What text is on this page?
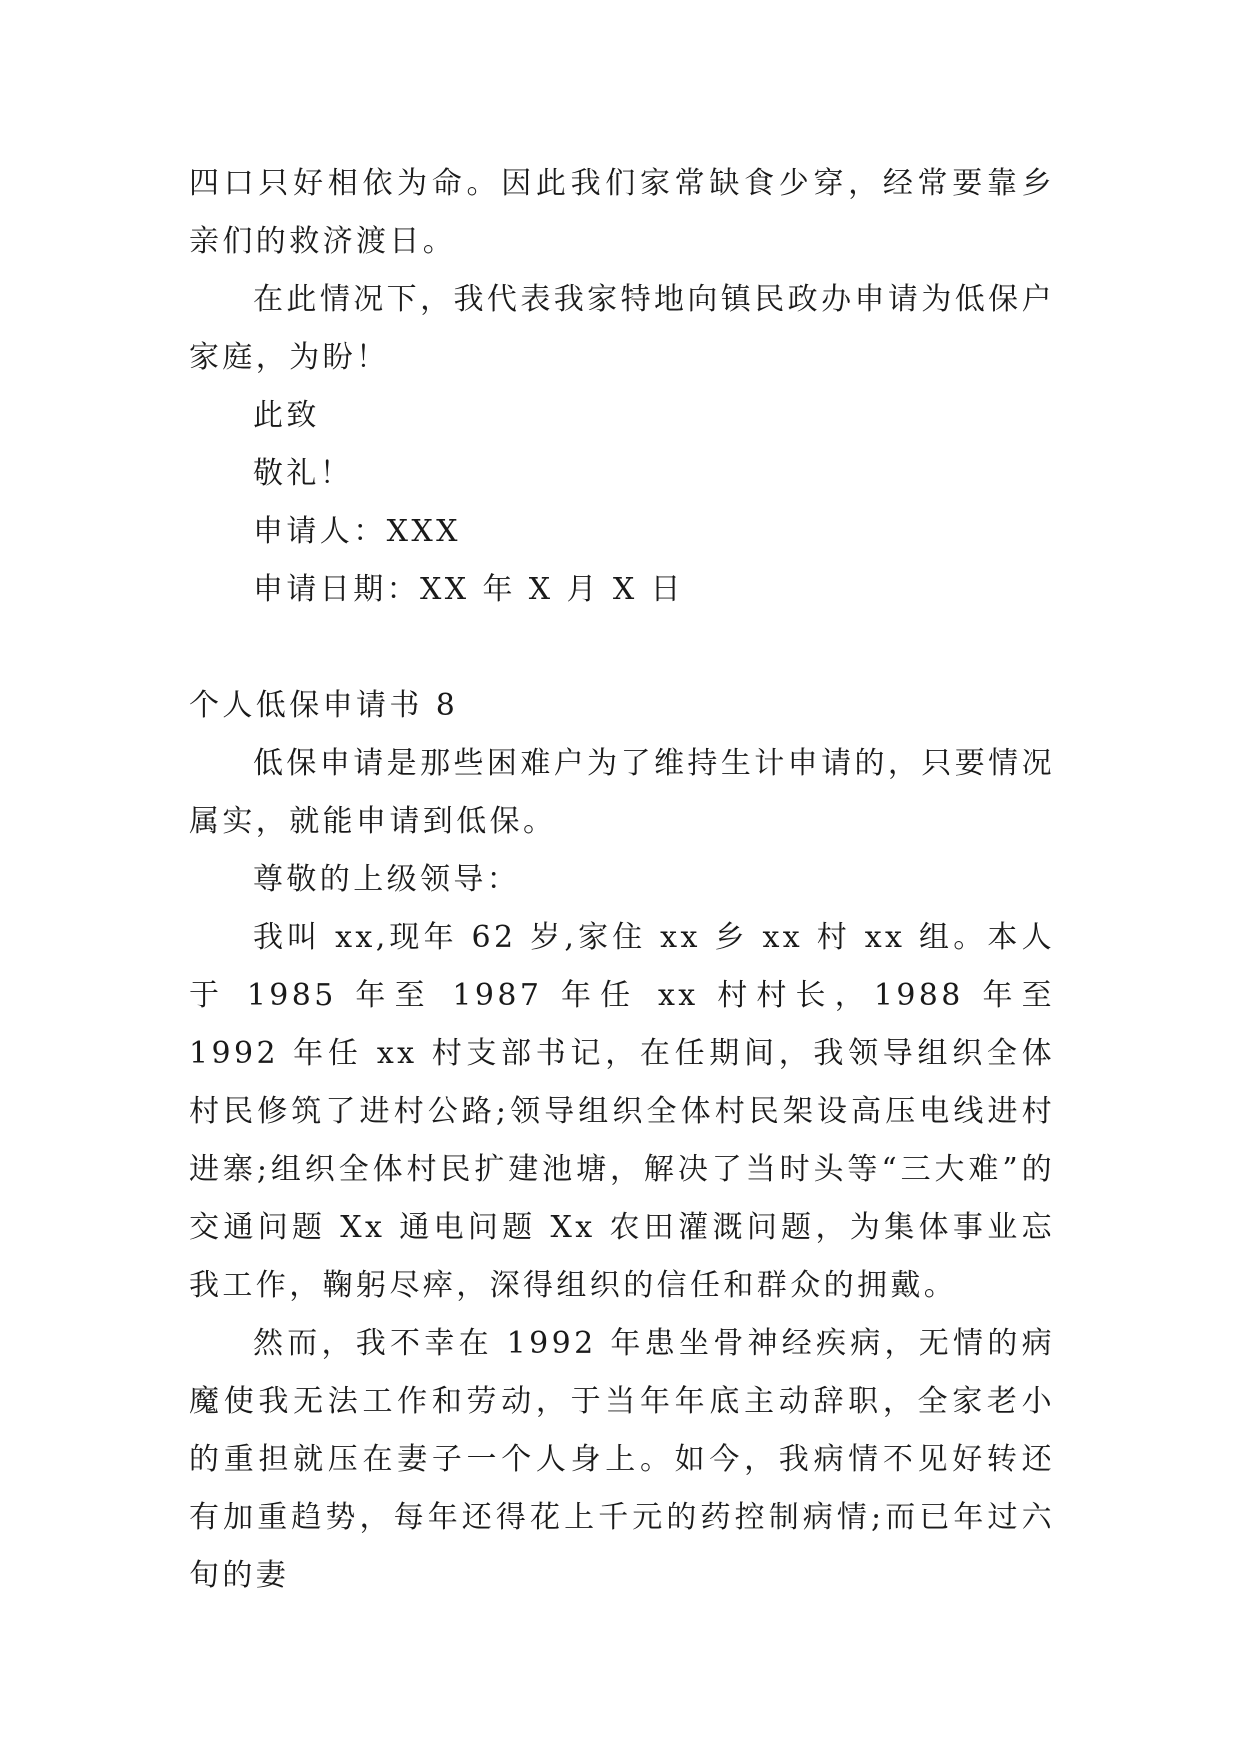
四口只好相依为命。因此我们家常缺食少穿，经常要靠乡亲们的救济渡日。

在此情况下，我代表我家特地向镇民政办申请为低保户家庭，为盼！

此致

敬礼！

申请人：XXX

申请日期：XX 年 X 月 X 日

个人低保申请书 8

低保申请是那些困难户为了维持生计申请的，只要情况属实，就能申请到低保。

尊敬的上级领导：

我叫 xx,现年 62 岁,家住 xx 乡 xx 村 xx 组。本人于 1985 年至 1987 年任 xx 村村长，1988 年至 1992 年任 xx 村支部书记，在任期间，我领导组织全体村民修筑了进村公路;领导组织全体村民架设高压电线进村进寨;组织全体村民扩建池塘，解决了当时头等“三大难”的交通问题 Xx 通电问题 Xx 农田灌溉问题，为集体事业忘我工作，鞠躬尽瘁，深得组织的信任和群众的拥戴。

然而，我不幸在 1992 年患坐骨神经疾病，无情的病魔使我无法工作和劳动，于当年年底主动辞职，全家老小的重担就压在妻子一个人身上。如今，我病情不见好转还有加重趋势，每年还得花上千元的药控制病情;而已年过六旬的妻
